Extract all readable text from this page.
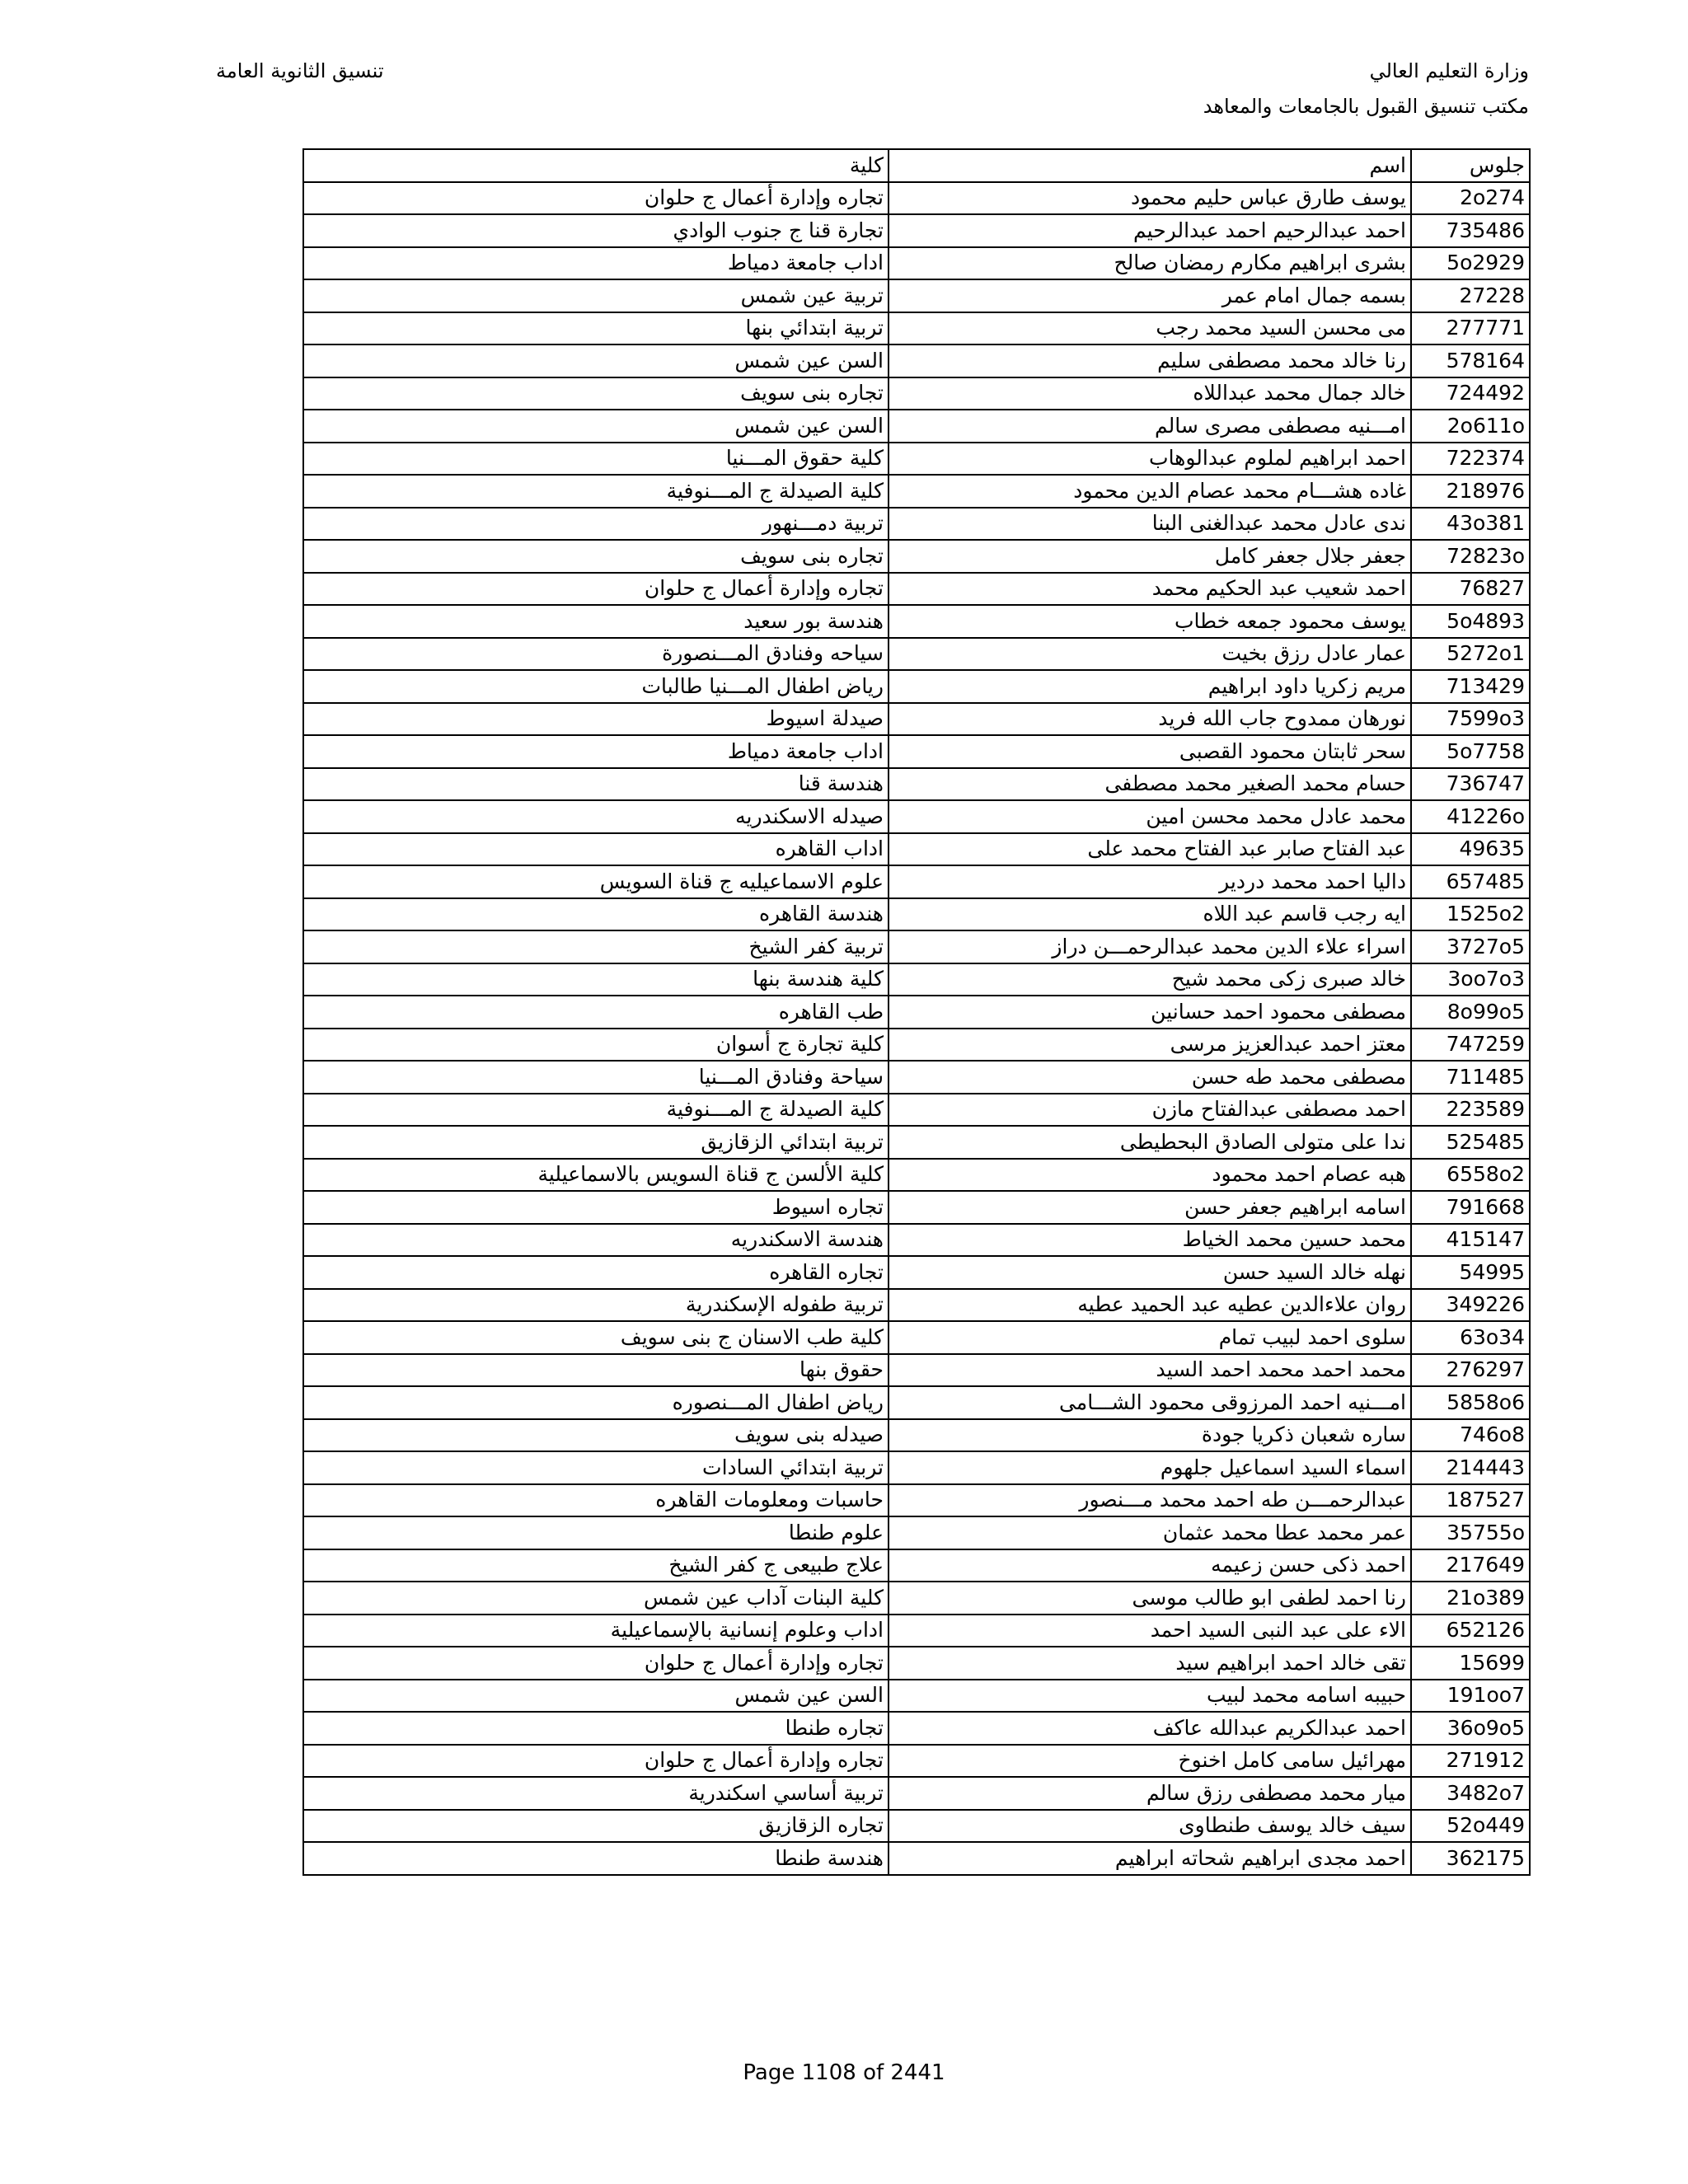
وزارة التعليم العالي
مكتب تنسيق القبول بالجامعات والمعاهد
تنسيق الثانوية العامة
كلية	اسم	جلوس
تجاره وإدارة أعمال ج حلوان	يوسف طارق عباس حليم محمود	2o274
تجارة قنا ج جنوب الوادي	احمد عبدالرحيم احمد عبدالرحيم	735486
اداب جامعة دمياط	بشرى ابراهيم مكارم رمضان صالح	5o2929
تربية عين شمس	بسمه جمال امام عمر	27228
تربية ابتدائي بنها	مى محسن السيد محمد رجب	277771
السن عين شمس	رنا خالد محمد مصطفى سليم	578164
تجاره بنى سويف	خالد جمال محمد عبداللاه	724492
السن عين شمس	امـــنيه مصطفى مصرى سالم	2o611o
كلية حقوق المـــنيا	احمد ابراهيم لملوم عبدالوهاب	722374
كلية الصيدلة ج المـــنوفية	غاده هشـــام محمد عصام الدين محمود	218976
تربية دمـــنهور	ندى عادل محمد عبدالغنى البنا	43o381
تجاره بنى سويف	جعفر جلال جعفر كامل	72823o
تجاره وإدارة أعمال ج حلوان	احمد شعيب عبد الحكيم محمد	76827
هندسة بور سعيد	يوسف محمود جمعه خطاب	5o4893
سياحه وفنادق المـــنصورة	عمار عادل رزق بخيت	5272o1
رياض اطفال المـــنيا طالبات	مريم زكريا داود ابراهيم	713429
صيدلة اسيوط	نورهان ممدوح جاب الله فريد	7599o3
اداب جامعة دمياط	سحر ثابتان محمود القصبى	5o7758
هندسة قنا	حسام محمد الصغير محمد مصطفى	736747
صيدله الاسكندريه	محمد عادل محمد محسن امين	41226o
اداب القاهره	عبد الفتاح صابر عبد الفتاح محمد على	49635
علوم الاسماعيليه ج قناة السويس	داليا احمد محمد دردير	657485
هندسة القاهره	ايه رجب قاسم عبد اللاه	1525o2
تربية كفر الشيخ	اسراء علاء الدين محمد عبدالرحمـــن دراز	3727o5
كلية هندسة بنها	خالد صبرى زكى محمد شيح	3oo7o3
طب القاهره	مصطفى محمود احمد حسانين	8o99o5
كلية تجارة ج أسوان	معتز احمد عبدالعزيز مرسى	747259
سياحة وفنادق المـــنيا	مصطفى محمد طه حسن	711485
كلية الصيدلة ج المـــنوفية	احمد مصطفى عبدالفتاح مازن	223589
تربية ابتدائي الزقازيق	ندا على متولى الصادق البحطيطى	525485
كلية الألسن ج قناة السويس بالاسماعيلية	هبه عصام احمد محمود	6558o2
تجاره اسيوط	اسامه ابراهيم جعفر حسن	791668
هندسة الاسكندريه	محمد حسين محمد الخياط	415147
تجاره القاهره	نهله خالد السيد حسن	54995
تربية طفوله الإسكندرية	روان علاءالدين عطيه عبد الحميد عطيه	349226
كلية طب الاسنان ج بنى سويف	سلوى احمد لبيب تمام	63o34
حقوق بنها	محمد احمد محمد احمد السيد	276297
رياض اطفال المـــنصوره	امـــنيه احمد المرزوقى محمود الشـــامى	5858o6
صيدله بنى سويف	ساره شعبان ذكريا جودة	746o8
تربية ابتدائي السادات	اسماء السيد اسماعيل جلهوم	214443
حاسبات ومعلومات القاهره	عبدالرحمـــن طه احمد محمد مـــنصور	187527
علوم طنطا	عمر محمد عطا محمد عثمان	35755o
علاج طبيعى ج كفر الشيخ	احمد ذكى حسن زعيمه	217649
كلية البنات آداب عين شمس	رنا احمد لطفى ابو طالب موسى	21o389
اداب وعلوم إنسانية بالإسماعيلية	الاء على عبد النبى السيد احمد	652126
تجاره وإدارة أعمال ج حلوان	تقى خالد احمد ابراهيم سيد	15699
السن عين شمس	حبيبه اسامه محمد لبيب	191oo7
تجاره طنطا	احمد عبدالكريم عبدالله عاكف	36o9o5
تجاره وإدارة أعمال ج حلوان	مهرائيل سامى كامل اخنوخ	271912
تربية أساسي اسكندرية	ميار محمد مصطفى رزق سالم	3482o7
تجاره الزقازيق	سيف خالد يوسف طنطاوى	52o449
هندسة طنطا	احمد مجدى ابراهيم شحاته ابراهيم	362175
Page 1108 of 2441
